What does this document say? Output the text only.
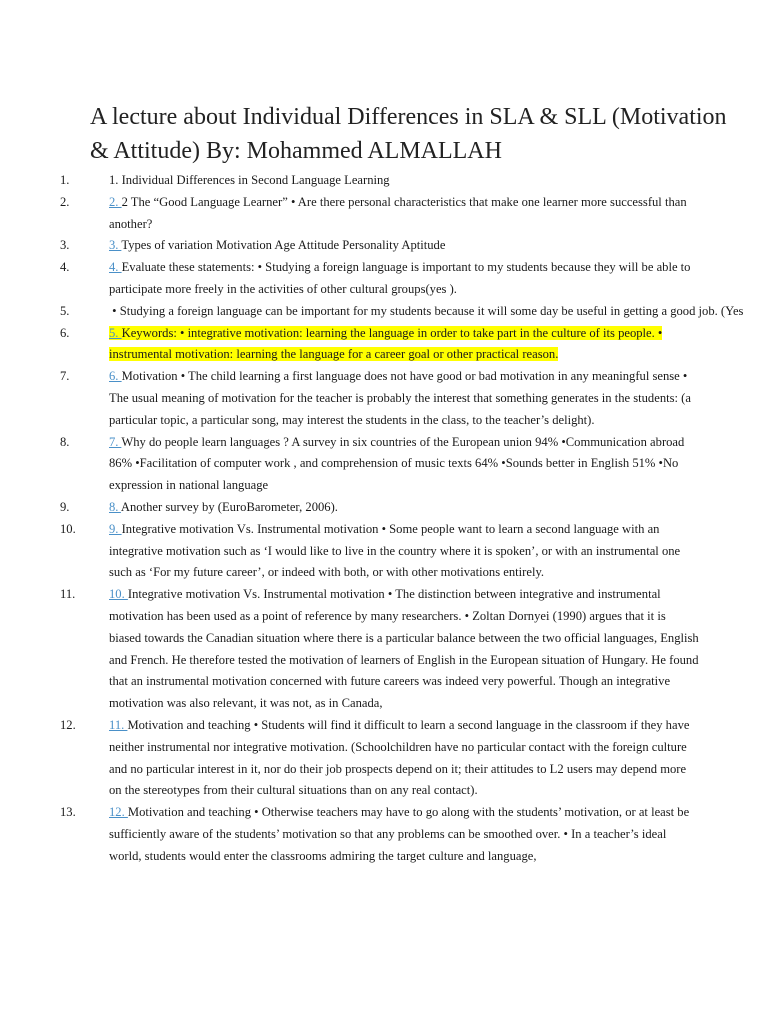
A lecture about Individual Differences in SLA & SLL (Motivation & Attitude) By: Mohammed ALMALLAH
1.	1. Individual Differences in Second Language Learning
2.	2. 2 The “Good Language Learner” • Are there personal characteristics that make one learner more successful than another?
3.	3. Types of variation Motivation Age Attitude Personality Aptitude
4.	4. Evaluate these statements: • Studying a foreign language is important to my students because they will be able to participate more freely in the activities of other cultural groups(yes ).
5.	• Studying a foreign language can be important for my students because it will some day be useful in getting a good job. (Yes
6.	5. Keywords: • integrative motivation: learning the language in order to take part in the culture of its people. • instrumental motivation: learning the language for a career goal or other practical reason.
7.	6. Motivation • The child learning a first language does not have good or bad motivation in any meaningful sense • The usual meaning of motivation for the teacher is probably the interest that something generates in the students: (a particular topic, a particular song, may interest the students in the class, to the teacher’s delight).
8.	7. Why do people learn languages ? A survey in six countries of the European union 94% •Communication abroad 86% •Facilitation of computer work , and comprehension of music texts 64% •Sounds better in English 51% •No expression in national language
9.	8. Another survey by (EuroBarometer, 2006).
10.	9. Integrative motivation Vs. Instrumental motivation • Some people want to learn a second language with an integrative motivation such as ‘I would like to live in the country where it is spoken’, or with an instrumental one such as ‘For my future career’, or indeed with both, or with other motivations entirely.
11.	10. Integrative motivation Vs. Instrumental motivation • The distinction between integrative and instrumental motivation has been used as a point of reference by many researchers. • Zoltan Dornyei (1990) argues that it is biased towards the Canadian situation where there is a particular balance between the two official languages, English and French. He therefore tested the motivation of learners of English in the European situation of Hungary. He found that an instrumental motivation concerned with future careers was indeed very powerful. Though an integrative motivation was also relevant, it was not, as in Canada,
12.	11. Motivation and teaching • Students will find it difficult to learn a second language in the classroom if they have neither instrumental nor integrative motivation. (Schoolchildren have no particular contact with the foreign culture and no particular interest in it, nor do their job prospects depend on it; their attitudes to L2 users may depend more on the stereotypes from their cultural situations than on any real contact).
13.	12. Motivation and teaching • Otherwise teachers may have to go along with the students’ motivation, or at least be sufficiently aware of the students’ motivation so that any problems can be smoothed over. • In a teacher’s ideal world, students would enter the classrooms admiring the target culture and language,
